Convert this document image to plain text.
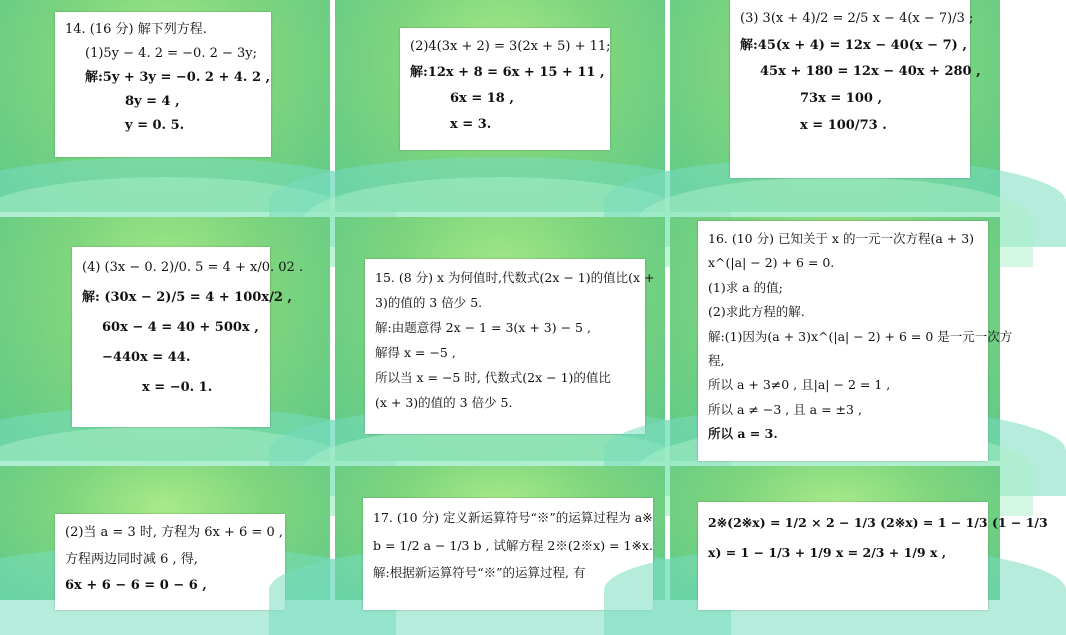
14. (16 分) 解下列方程.
(1)5y − 4. 2 = −0. 2 − 3y;
解:5y + 3y = −0. 2 + 4. 2 ,
8y = 4 ,
y = 0. 5.
(2)4(3x + 2) = 3(2x + 5) + 11;
解:12x + 8 = 6x + 15 + 11 ,
6x = 18 ,
x = 3.
(3) 3(x + 4)/2 = 2/5 x − 4(x − 7)/3 ;
解:45(x + 4) = 12x − 40(x − 7) ,
45x + 180 = 12x − 40x + 280 ,
73x = 100 ,
x = 100/73 .
(4) (3x − 0. 2)/0. 5 = 4 + x/0. 02 .
解: (30x − 2)/5 = 4 + 100x/2 ,
60x − 4 = 40 + 500x ,
−440x = 44.
x = −0. 1.
15. (8 分) x 为何值时,代数式(2x − 1)的值比(x +
3)的值的 3 倍少 5.
解:由题意得 2x − 1 = 3(x + 3) − 5 ,
解得 x = −5 ,
所以当 x = −5 时, 代数式(2x − 1)的值比
(x + 3)的值的 3 倍少 5.
16. (10 分) 已知关于 x 的一元一次方程(a + 3)
x^(|a| − 2) + 6 = 0.
(1)求 a 的值;
(2)求此方程的解.
解:(1)因为(a + 3)x^(|a| − 2) + 6 = 0 是一元一次方
程,
所以 a + 3≠0 , 且|a| − 2 = 1 ,
所以 a ≠ −3 , 且 a = ±3 ,
所以 a = 3.
(2)当 a = 3 时, 方程为 6x + 6 = 0 ,
方程两边同时减 6 , 得,
6x + 6 − 6 = 0 − 6 ,
17. (10 分) 定义新运算符号“※”的运算过程为 a※
b = 1/2 a − 1/3 b , 试解方程 2※(2※x) = 1※x.
解:根据新运算符号“※”的运算过程, 有
2※(2※x) = 1/2 × 2 − 1/3 (2※x) = 1 − 1/3 (1 − 1/3
x) = 1 − 1/3 + 1/9 x = 2/3 + 1/9 x ,
